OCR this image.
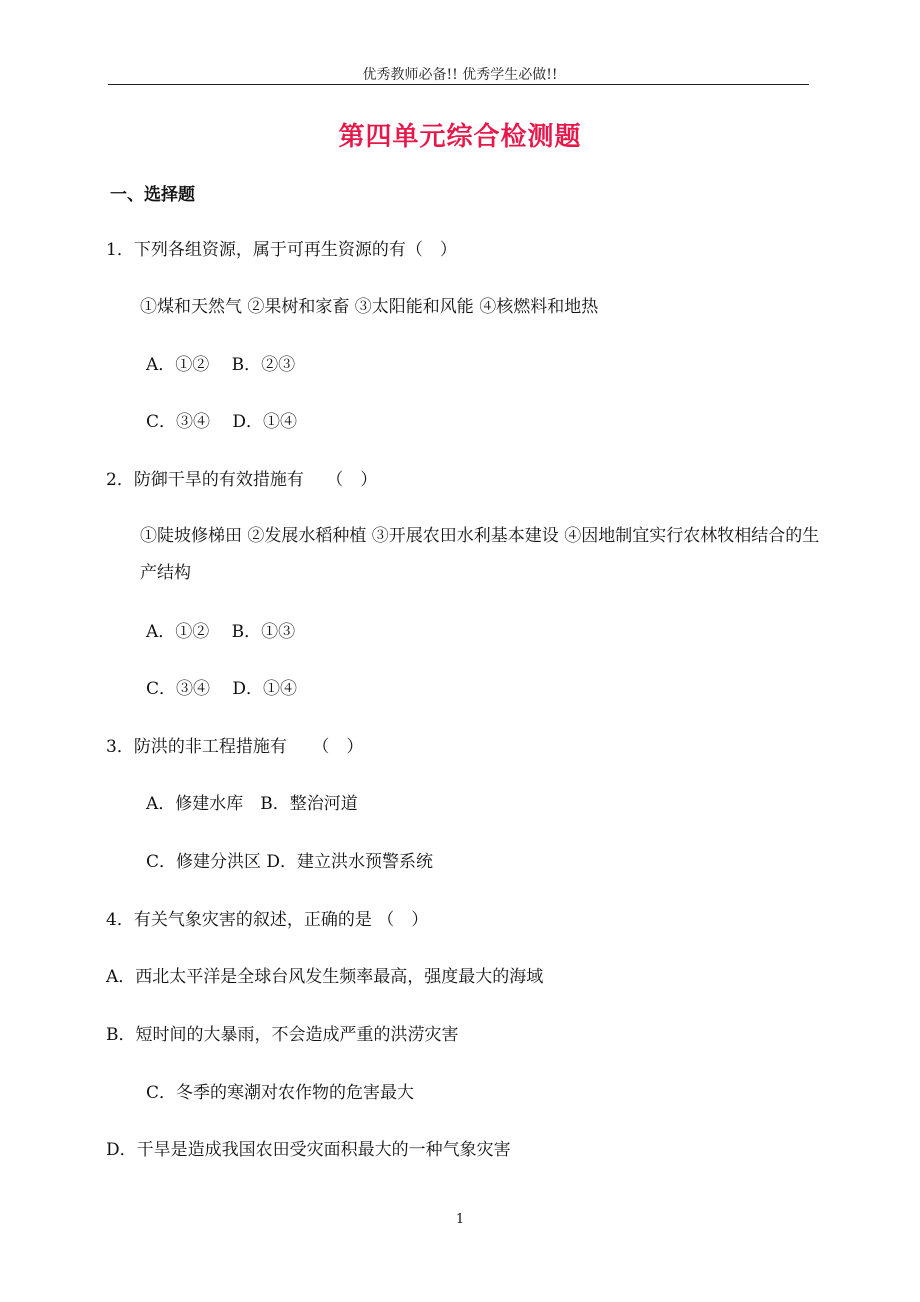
优秀教师必备!! 优秀学生必做!!
第四单元综合检测题
一、选择题
1．下列各组资源，属于可再生资源的有（　）
①煤和天然气 ②果树和家畜 ③太阳能和风能 ④核燃料和地热
A．①②　 B．②③
C．③④　 D．①④
2．防御干旱的有效措施有　 （　）
①陡坡修梯田 ②发展水稻种植 ③开展农田水利基本建设 ④因地制宜实行农林牧相结合的生产结构
A．①②　 B．①③
C．③④　 D．①④
3．防洪的非工程措施有　　（　）
A．修建水库　B．整治河道
C．修建分洪区 D．建立洪水预警系统
4．有关气象灾害的叙述，正确的是 （　）
A．西北太平洋是全球台风发生频率最高，强度最大的海域
B．短时间的大暴雨，不会造成严重的洪涝灾害
C．冬季的寒潮对农作物的危害最大
D．干旱是造成我国农田受灾面积最大的一种气象灾害
1
